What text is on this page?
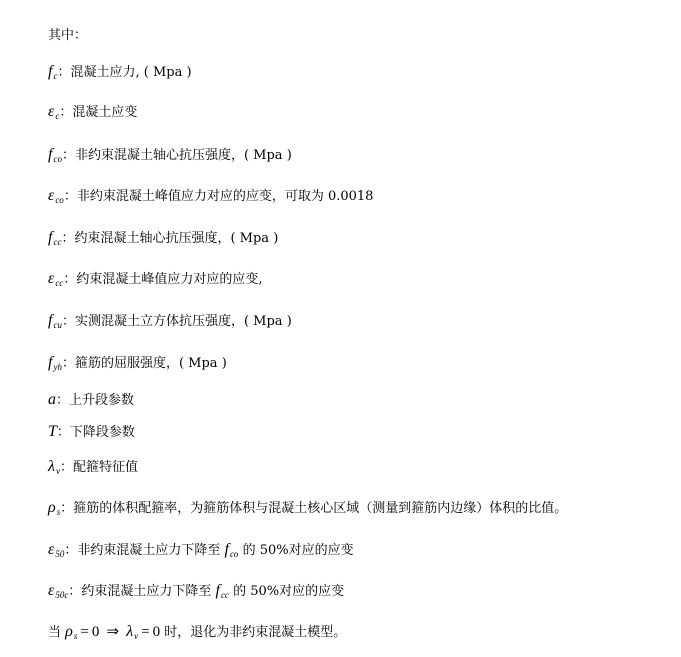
其中：
$f_c$：混凝土应力, ( Mpa )
$\varepsilon_c$：混凝土应变
$f_{co}$：非约束混凝土轴心抗压强度，( Mpa )
$\varepsilon_{co}$：非约束混凝土峰值应力对应的应变，可取为 0.0018
$f_{cc}$：约束混凝土轴心抗压强度，( Mpa )
$\varepsilon_{cc}$：约束混凝土峰值应力对应的应变,
$f_{cu}$：实测混凝土立方体抗压强度，( Mpa )
$f_{yh}$：箍筋的屈服强度，( Mpa )
a：上升段参数
T：下降段参数
$\lambda_v$：配箍特征值
$\rho_s$：箍筋的体积配箍率，为箍筋体积与混凝土核心区域（测量到箍筋内边缘）体积的比值。
$\varepsilon_{50}$：非约束混凝土应力下降至 $f_{co}$ 的 50%对应的应变
$\varepsilon_{50c}$：约束混凝土应力下降至 $f_{cc}$ 的 50%对应的应变
当 $\rho_s = 0$ ⇒ $\lambda_v = 0$ 时，退化为非约束混凝土模型。
